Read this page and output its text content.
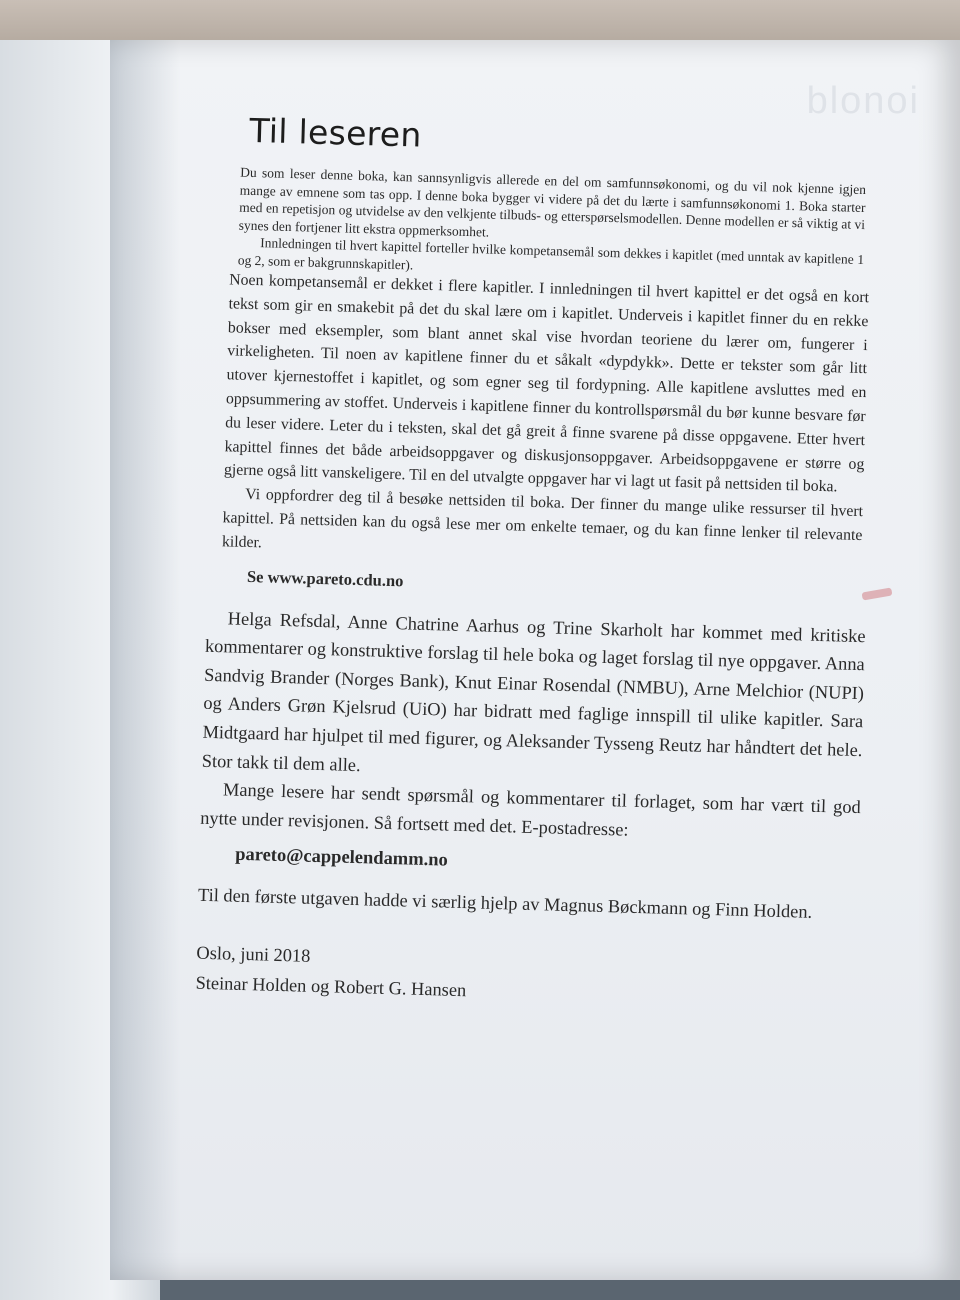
blonoi
Til leseren

Du som leser denne boka, kan sannsynligvis allerede en del om samfunnsøkonomi, og du vil nok kjenne igjen mange av emnene som tas opp. I denne boka bygger vi videre på det du lærte i samfunnsøkonomi 1. Boka starter med en repetisjon og utvidelse av den velkjente tilbuds- og etterspørselsmodellen. Denne modellen er så viktig at vi synes den fortjener litt ekstra oppmerksomhet.

Innledningen til hvert kapittel forteller hvilke kompetansemål som dekkes i kapitlet (med unntak av kapitlene 1 og 2, som er bakgrunnskapitler).

Noen kompetansemål er dekket i flere kapitler. I innledningen til hvert kapittel er det også en kort tekst som gir en smakebit på det du skal lære om i kapitlet. Underveis i kapitlet finner du en rekke bokser med eksempler, som blant annet skal vise hvordan teoriene du lærer om, fungerer i virkeligheten. Til noen av kapitlene finner du et såkalt «dypdykk». Dette er tekster som går litt utover kjernestoffet i kapitlet, og som egner seg til fordypning. Alle kapitlene avsluttes med en oppsummering av stoffet. Underveis i kapitlene finner du kontrollspørsmål du bør kunne besvare før du leser videre. Leter du i teksten, skal det gå greit å finne svarene på disse oppgavene. Etter hvert kapittel finnes det både arbeidsoppgaver og diskusjonsoppgaver. Arbeidsoppgavene er større og gjerne også litt vanskeligere. Til en del utvalgte oppgaver har vi lagt ut fasit på nettsiden til boka.

Vi oppfordrer deg til å besøke nettsiden til boka. Der finner du mange ulike ressurser til hvert kapittel. På nettsiden kan du også lese mer om enkelte temaer, og du kan finne lenker til relevante kilder.

Se www.pareto.cdu.no

Helga Refsdal, Anne Chatrine Aarhus og Trine Skarholt har kommet med kritiske kommentarer og konstruktive forslag til hele boka og laget forslag til nye oppgaver. Anna Sandvig Brander (Norges Bank), Knut Einar Rosendal (NMBU), Arne Melchior (NUPI) og Anders Grøn Kjelsrud (UiO) har bidratt med faglige innspill til ulike kapitler. Sara Midtgaard har hjulpet til med figurer, og Aleksander Tysseng Reutz har håndtert det hele. Stor takk til dem alle.

Mange lesere har sendt spørsmål og kommentarer til forlaget, som har vært til god nytte under revisjonen. Så fortsett med det. E-postadresse:

pareto@cappelendamm.no

Til den første utgaven hadde vi særlig hjelp av Magnus Bøckmann og Finn Holden.

Oslo, juni 2018
Steinar Holden og Robert G. Hansen
